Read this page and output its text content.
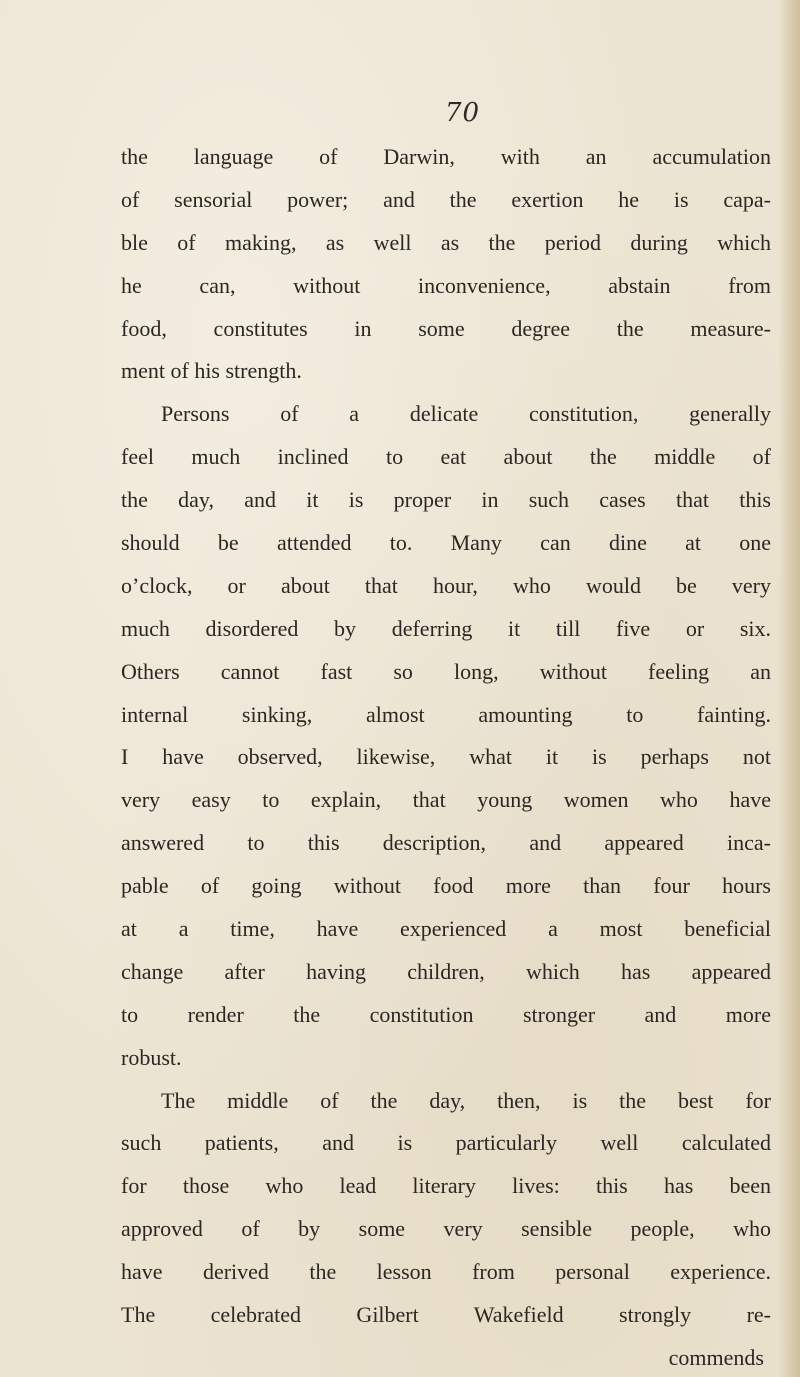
70
the language of Darwin, with an accumulation
of sensorial power; and the exertion he is capa-
ble of making, as well as the period during which
he can, without inconvenience, abstain from
food, constitutes in some degree the measure-
ment of his strength.
Persons of a delicate constitution, generally
feel much inclined to eat about the middle of
the day, and it is proper in such cases that this
should be attended to. Many can dine at one
o’clock, or about that hour, who would be very
much disordered by deferring it till five or six.
Others cannot fast so long, without feeling an
internal sinking, almost amounting to fainting.
I have observed, likewise, what it is perhaps not
very easy to explain, that young women who have
answered to this description, and appeared inca-
pable of going without food more than four hours
at a time, have experienced a most beneficial
change after having children, which has appeared
to render the constitution stronger and more
robust.
The middle of the day, then, is the best for
such patients, and is particularly well calculated
for those who lead literary lives: this has been
approved of by some very sensible people, who
have derived the lesson from personal experience.
The celebrated Gilbert Wakefield strongly re-
commends
